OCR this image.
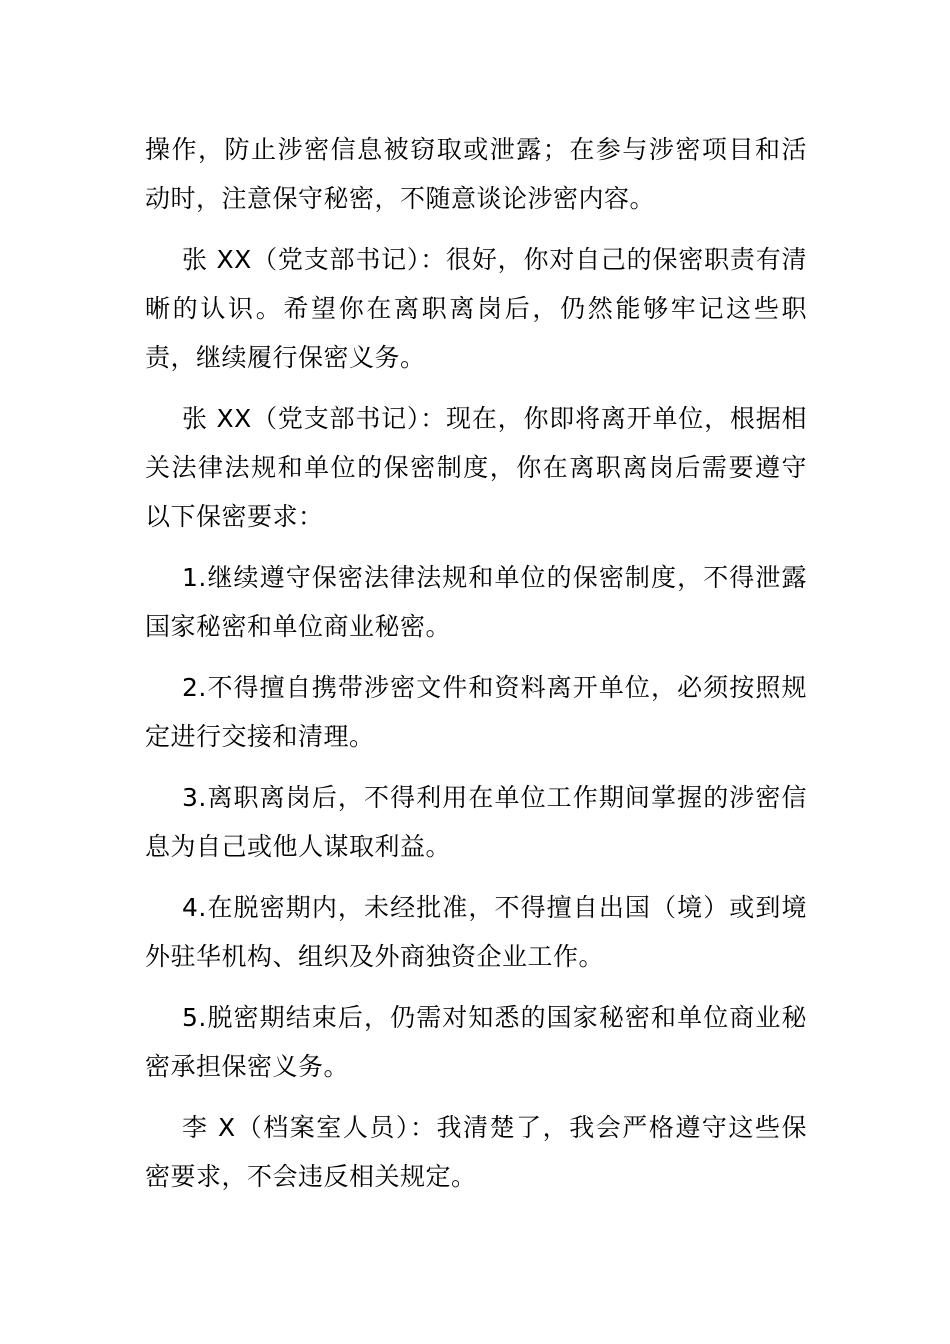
操作，防止涉密信息被窃取或泄露；在参与涉密项目和活动时，注意保守秘密，不随意谈论涉密内容。

张 XX（党支部书记）：很好，你对自己的保密职责有清晰的认识。希望你在离职离岗后，仍然能够牢记这些职责，继续履行保密义务。

张 XX（党支部书记）：现在，你即将离开单位，根据相关法律法规和单位的保密制度，你在离职离岗后需要遵守以下保密要求：

1.继续遵守保密法律法规和单位的保密制度，不得泄露国家秘密和单位商业秘密。

2.不得擅自携带涉密文件和资料离开单位，必须按照规定进行交接和清理。

3.离职离岗后，不得利用在单位工作期间掌握的涉密信息为自己或他人谋取利益。

4.在脱密期内，未经批准，不得擅自出国（境）或到境外驻华机构、组织及外商独资企业工作。

5.脱密期结束后，仍需对知悉的国家秘密和单位商业秘密承担保密义务。

李 X（档案室人员）：我清楚了，我会严格遵守这些保密要求，不会违反相关规定。
